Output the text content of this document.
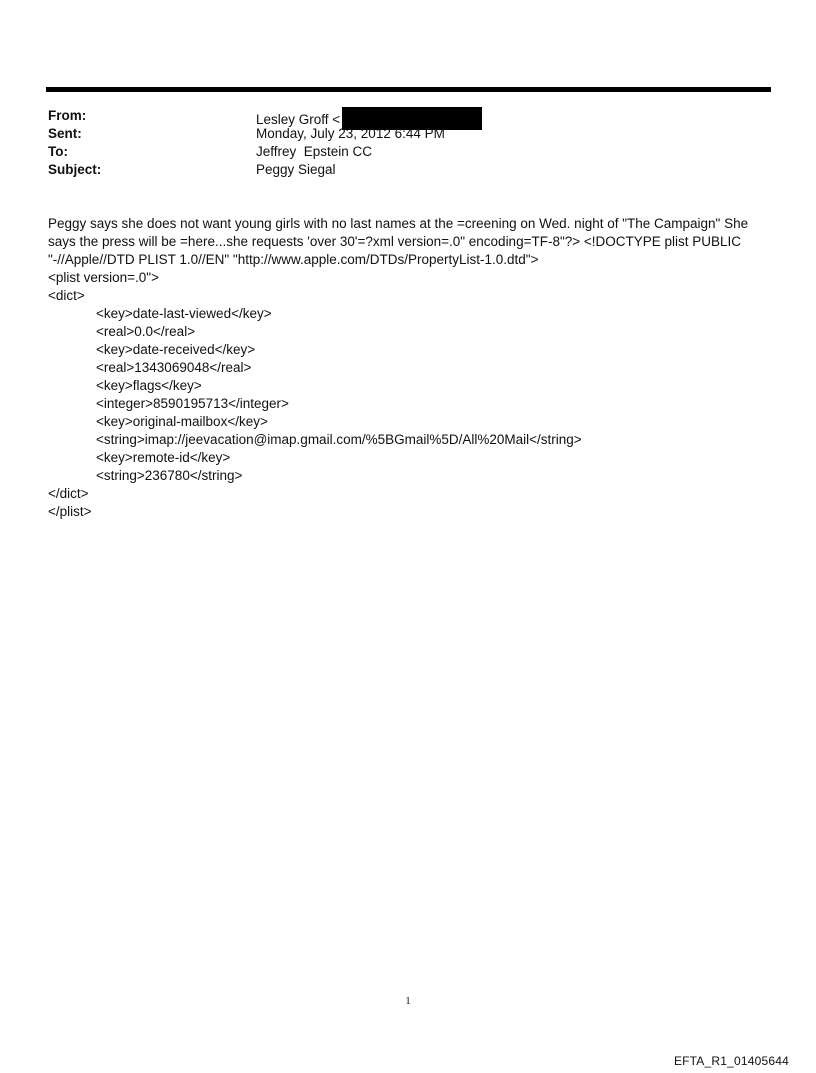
From:	Lesley Groff <
Sent:	Monday, July 23, 2012 6:44 PM
To:	Jeffrey  Epstein CC
Subject:	Peggy Siegal

Peggy says she does not want young girls with no last names at the =creening on Wed. night of "The Campaign" She says the press will be =here...she requests 'over 30'=?xml version=.0" encoding=TF-8"?> <!DOCTYPE plist PUBLIC "-//Apple//DTD PLIST 1.0//EN" "http://www.apple.com/DTDs/PropertyList-1.0.dtd">

<plist version=.0">
<dict>
<key>date-last-viewed</key>
<real>0.0</real>
<key>date-received</key>
<real>1343069048</real>
<key>flags</key>
<integer>8590195713</integer>
<key>original-mailbox</key>
<string>imap://jeevacation@imap.gmail.com/%5BGmail%5D/All%20Mail</string>
<key>remote-id</key>
<string>236780</string>
</dict>
</plist>
1
EFTA_R1_01405644
